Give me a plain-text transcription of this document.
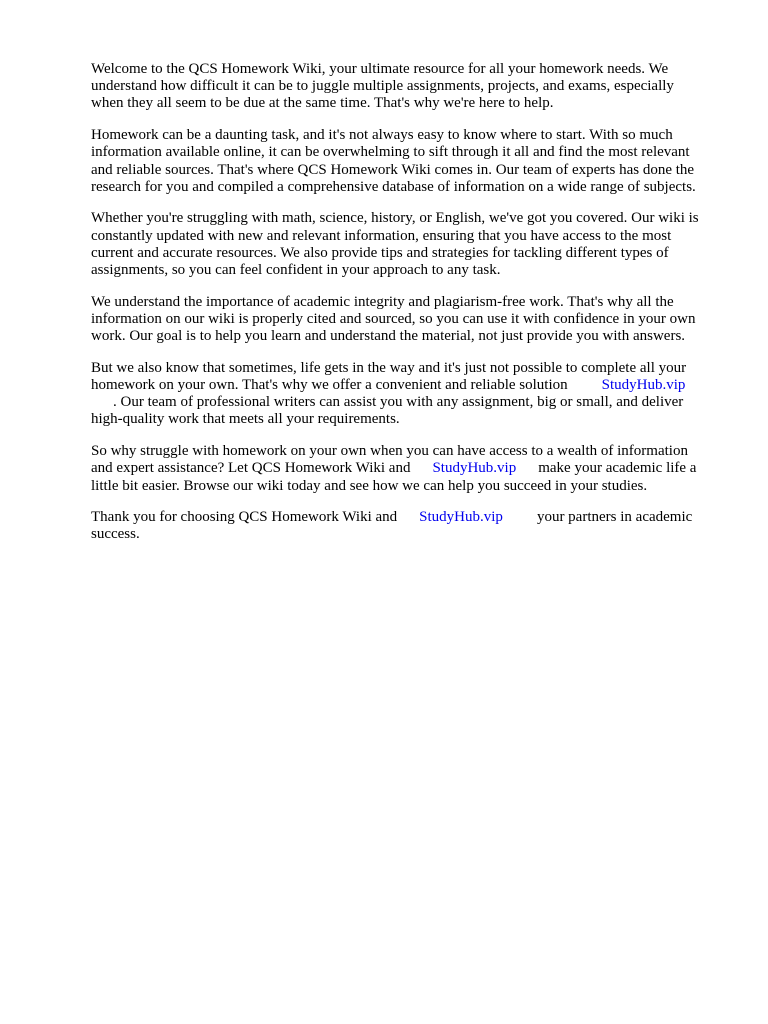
Welcome to the QCS Homework Wiki, your ultimate resource for all your homework needs. We
understand how difficult it can be to juggle multiple assignments, projects, and exams, especially
when they all seem to be due at the same time. That's why we're here to help.

Homework can be a daunting task, and it's not always easy to know where to start. With so much
information available online, it can be overwhelming to sift through it all and find the most relevant
and reliable sources. That's where QCS Homework Wiki comes in. Our team of experts has done the
research for you and compiled a comprehensive database of information on a wide range of subjects.

Whether you're struggling with math, science, history, or English, we've got you covered. Our wiki is
constantly updated with new and relevant information, ensuring that you have access to the most
current and accurate resources. We also provide tips and strategies for tackling different types of
assignments, so you can feel confident in your approach to any task.

We understand the importance of academic integrity and plagiarism-free work. That's why all the
information on our wiki is properly cited and sourced, so you can use it with confidence in your own
work. Our goal is to help you learn and understand the material, not just provide you with answers.

But we also know that sometimes, life gets in the way and it's just not possible to complete all your
homework on your own. That's why we offer a convenient and reliable solution StudyHub.vip
. Our team of professional writers can assist you with any assignment, big or small, and deliver
high-quality work that meets all your requirements.

So why struggle with homework on your own when you can have access to a wealth of information
and expert assistance? Let QCS Homework Wiki and StudyHub.vip make your academic life a
little bit easier. Browse our wiki today and see how we can help you succeed in your studies.

Thank you for choosing QCS Homework Wiki and StudyHub.vip your partners in academic
success.
